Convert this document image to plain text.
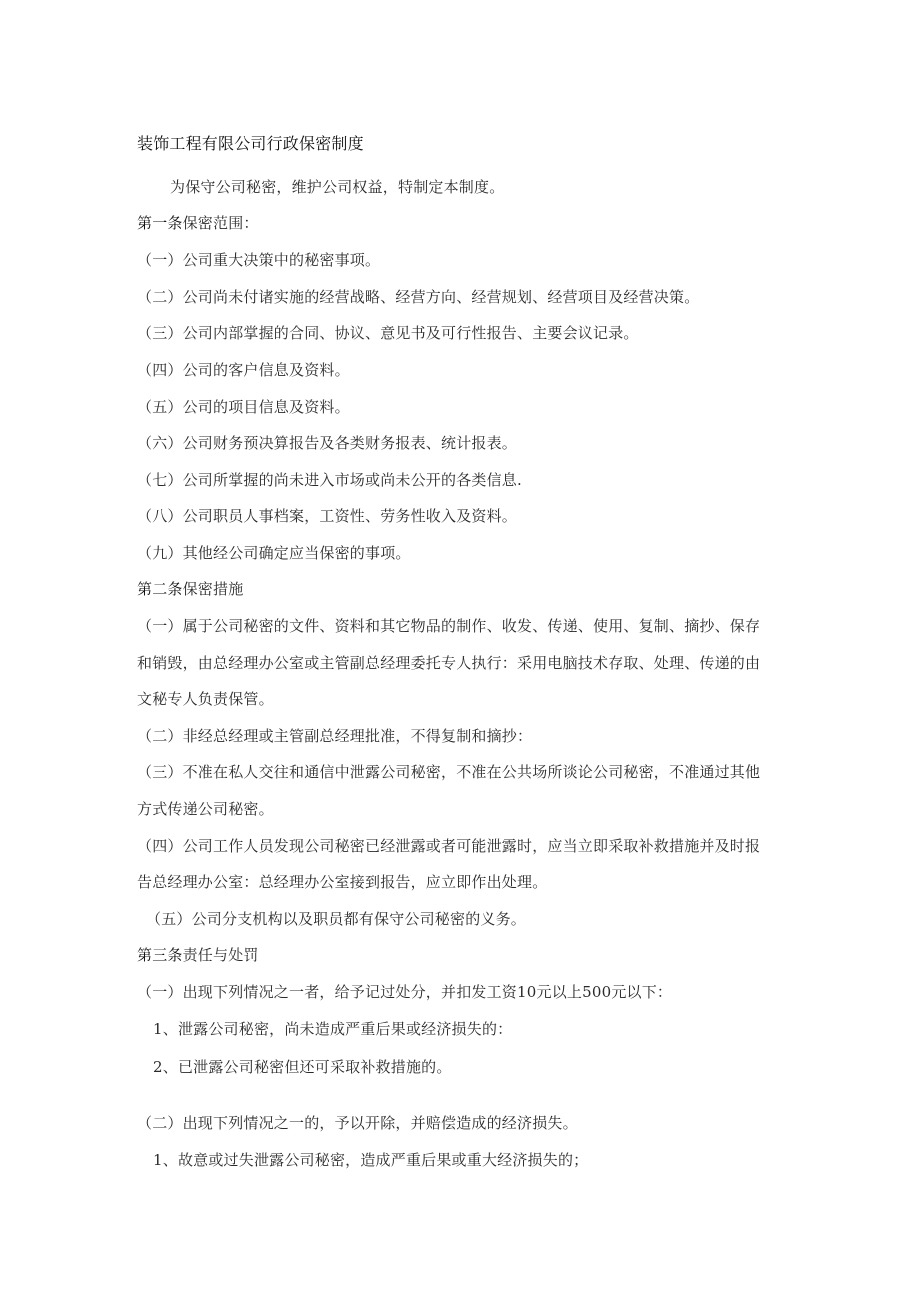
装饰工程有限公司行政保密制度
为保守公司秘密，维护公司权益，特制定本制度。
第一条保密范围：
（一）公司重大决策中的秘密事项。
（二）公司尚未付诸实施的经营战略、经营方向、经营规划、经营项目及经营决策。
（三）公司内部掌握的合同、协议、意见书及可行性报告、主要会议记录。
（四）公司的客户信息及资料。
（五）公司的项目信息及资料。
（六）公司财务预决算报告及各类财务报表、统计报表。
（七）公司所掌握的尚未进入市场或尚未公开的各类信息.
（八）公司职员人事档案，工资性、劳务性收入及资料。
（九）其他经公司确定应当保密的事项。
第二条保密措施
（一）属于公司秘密的文件、资料和其它物品的制作、收发、传递、使用、复制、摘抄、保存
和销毁，由总经理办公室或主管副总经理委托专人执行：采用电脑技术存取、处理、传递的由
文秘专人负责保管。
（二）非经总经理或主管副总经理批准，不得复制和摘抄：
（三）不准在私人交往和通信中泄露公司秘密，不准在公共场所谈论公司秘密，不准通过其他
方式传递公司秘密。
（四）公司工作人员发现公司秘密已经泄露或者可能泄露时，应当立即采取补救措施并及时报
告总经理办公室：总经理办公室接到报告，应立即作出处理。
（五）公司分支机构以及职员都有保守公司秘密的义务。
第三条责任与处罚
（一）出现下列情况之一者，给予记过处分，并扣发工资10元以上500元以下：
1、泄露公司秘密，尚未造成严重后果或经济损失的：
2、已泄露公司秘密但还可采取补救措施的。
（二）出现下列情况之一的，予以开除，并赔偿造成的经济损失。
1、故意或过失泄露公司秘密，造成严重后果或重大经济损失的；
